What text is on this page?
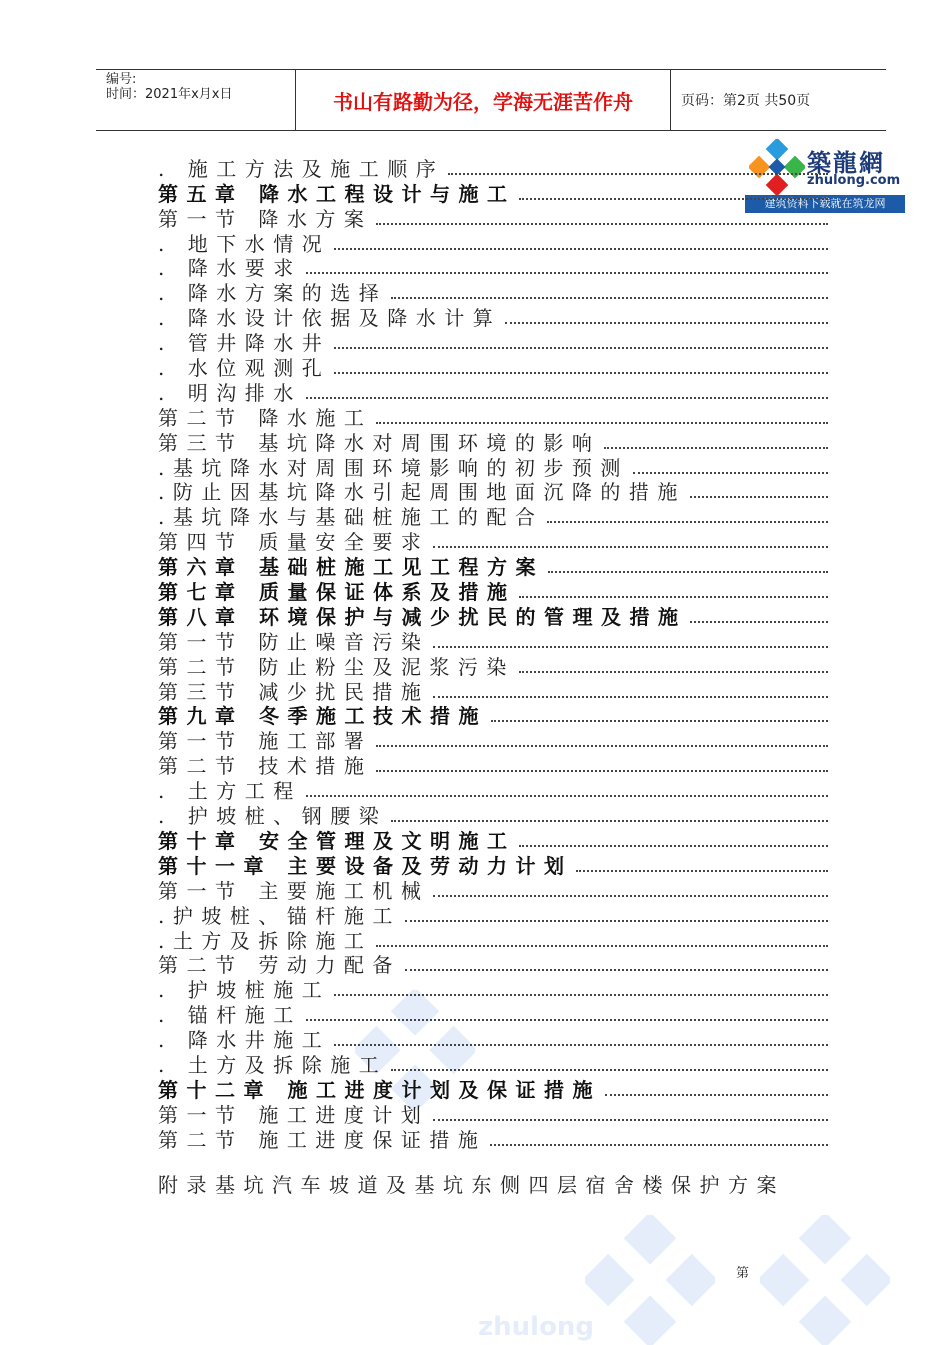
编号:
时间：2021年x月x日	书山有路勤为径，学海无涯苦作舟	页码：第2页 共50页
築龍網
zhulong.com
建筑资料下载就在筑龙网
zhulong
. 施工方法及施工顺序
第五章 降水工程设计与施工
第一节 降水方案
. 地下水情况
. 降水要求
. 降水方案的选择
. 降水设计依据及降水计算
. 管井降水井
. 水位观测孔
. 明沟排水
第二节 降水施工
第三节 基坑降水对周围环境的影响
.基坑降水对周围环境影响的初步预测
.防止因基坑降水引起周围地面沉降的措施
.基坑降水与基础桩施工的配合
第四节 质量安全要求
第六章 基础桩施工见工程方案
第七章 质量保证体系及措施
第八章 环境保护与减少扰民的管理及措施
第一节 防止噪音污染
第二节 防止粉尘及泥浆污染
第三节 减少扰民措施
第九章 冬季施工技术措施
第一节 施工部署
第二节 技术措施
. 土方工程
. 护坡桩、钢腰梁
第十章 安全管理及文明施工
第十一章 主要设备及劳动力计划
第一节 主要施工机械
.护坡桩、锚杆施工
.土方及拆除施工
第二节 劳动力配备
. 护坡桩施工
. 锚杆施工
. 降水井施工
. 土方及拆除施工
第十二章 施工进度计划及保证措施
第一节 施工进度计划
第二节 施工进度保证措施
附录基坑汽车坡道及基坑东侧四层宿舍楼保护方案
第
